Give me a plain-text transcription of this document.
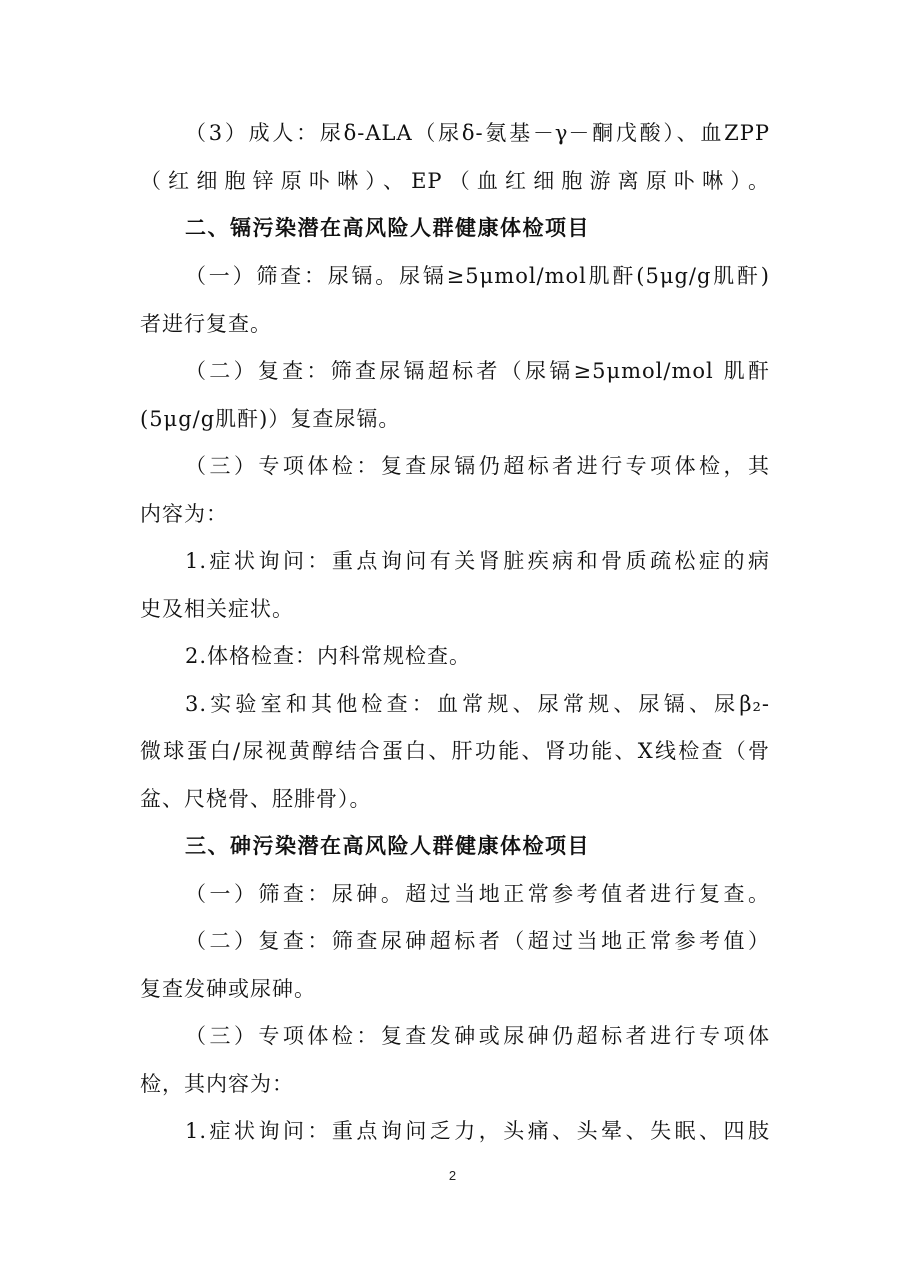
（3）成人：尿δ-ALA（尿δ-氨基－γ－酮戊酸）、血ZPP
（红细胞锌原卟啉）、EP（血红细胞游离原卟啉）。
二、镉污染潜在高风险人群健康体检项目
（一）筛查：尿镉。尿镉≥5μmol/mol肌酐(5μg/g肌酐)
者进行复查。
（二）复查：筛查尿镉超标者（尿镉≥5μmol/mol 肌酐
(5μg/g肌酐)）复查尿镉。
（三）专项体检：复查尿镉仍超标者进行专项体检，其
内容为：
1.症状询问：重点询问有关肾脏疾病和骨质疏松症的病
史及相关症状。
2.体格检查：内科常规检查。
3.实验室和其他检查：血常规、尿常规、尿镉、尿β₂-
微球蛋白/尿视黄醇结合蛋白、肝功能、肾功能、X线检查（骨
盆、尺桡骨、胫腓骨）。
三、砷污染潜在高风险人群健康体检项目
（一）筛查：尿砷。超过当地正常参考值者进行复查。
（二）复查：筛查尿砷超标者（超过当地正常参考值）
复查发砷或尿砷。
（三）专项体检：复查发砷或尿砷仍超标者进行专项体
检，其内容为：
1.症状询问：重点询问乏力，头痛、头晕、失眠、四肢
2
